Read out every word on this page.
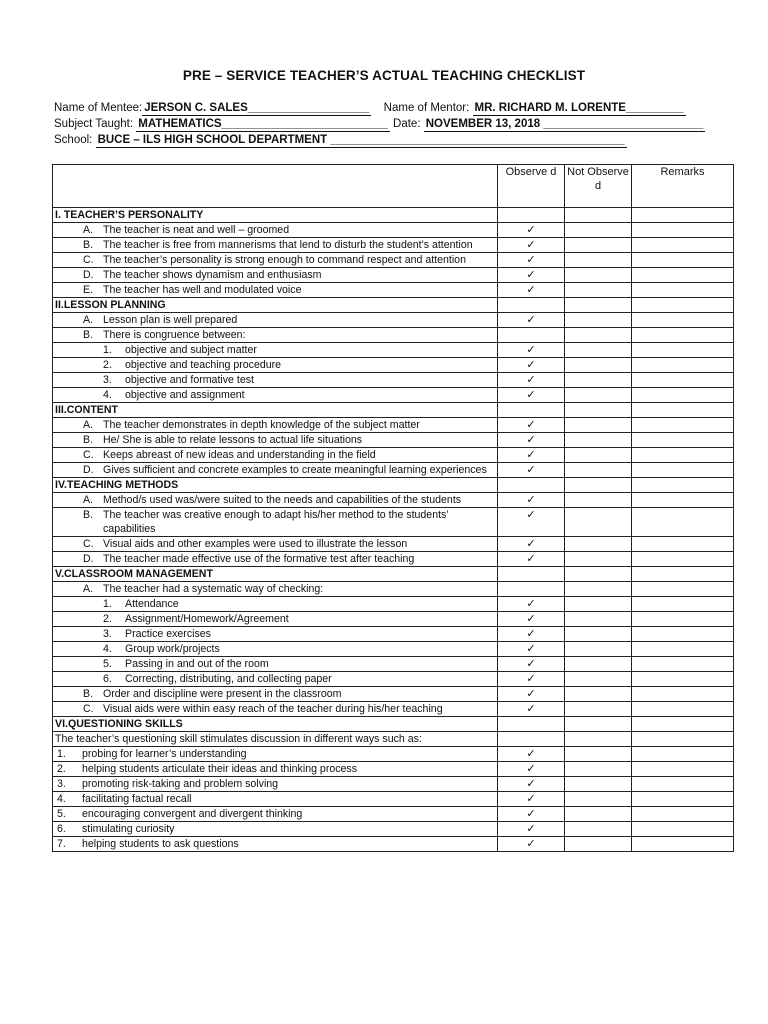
PRE – SERVICE TEACHER’S ACTUAL TEACHING CHECKLIST
Name of Mentee:JERSON C. SALES___________________ Name of Mentor: MR. RICHARD M. LORENTE_________
Subject Taught: MATHEMATICS__________________________ Date: NOVEMBER 13, 2018 _________________________
School: BUCE – ILS HIGH SCHOOL DEPARTMENT ______________________________________________
	Observe d	Not Observe d	Remarks
I. TEACHER’S PERSONALITY			

A. The teacher is neat and well – groomed	✓		

B. The teacher is free from mannerisms that lend to disturb the student’s attention	✓		

C. The teacher’s personality is strong enough to command respect and attention	✓		

D. The teacher shows dynamism and enthusiasm	✓		

E. The teacher has well and modulated voice	✓		
II.LESSON PLANNING			

A. Lesson plan is well prepared	✓		

B. There is congruence between:			

1. objective and subject matter	✓		

2. objective and teaching procedure	✓		

3. objective and formative test	✓		

4. objective and assignment	✓		
III.CONTENT			

A. The teacher demonstrates in depth knowledge of the subject matter	✓		

B. He/ She is able to relate lessons to actual life situations	✓		

C. Keeps abreast of new ideas and understanding in the field	✓		

D. Gives sufficient and concrete examples to create meaningful learning experiences	✓		
IV.TEACHING METHODS			

A. Method/s used was/were suited to the needs and capabilities of the students	✓		

B. The teacher was creative enough to adapt his/her method to the students’ capabilities	✓		

C. Visual aids and other examples were used to illustrate the lesson	✓		

D. The teacher made effective use of the formative test after teaching	✓		
V.CLASSROOM MANAGEMENT			

A. The teacher had a systematic way of checking:			

1. Attendance	✓		

2. Assignment/Homework/Agreement	✓		

3. Practice exercises	✓		

4. Group work/projects	✓		

5. Passing in and out of the room	✓		

6. Correcting, distributing, and collecting paper	✓		

B. Order and discipline were present in the classroom	✓		

C. Visual aids were within easy reach of the teacher during his/her teaching	✓		
VI.QUESTIONING SKILLS			
The teacher’s questioning skill stimulates discussion in different ways such as:			

1. probing for learner’s understanding	✓		

2. helping students articulate their ideas and thinking process	✓		

3. promoting risk-taking and problem solving	✓		

4. facilitating factual recall	✓		

5. encouraging convergent and divergent thinking	✓		

6. stimulating curiosity	✓		

7. helping students to ask questions	✓		
